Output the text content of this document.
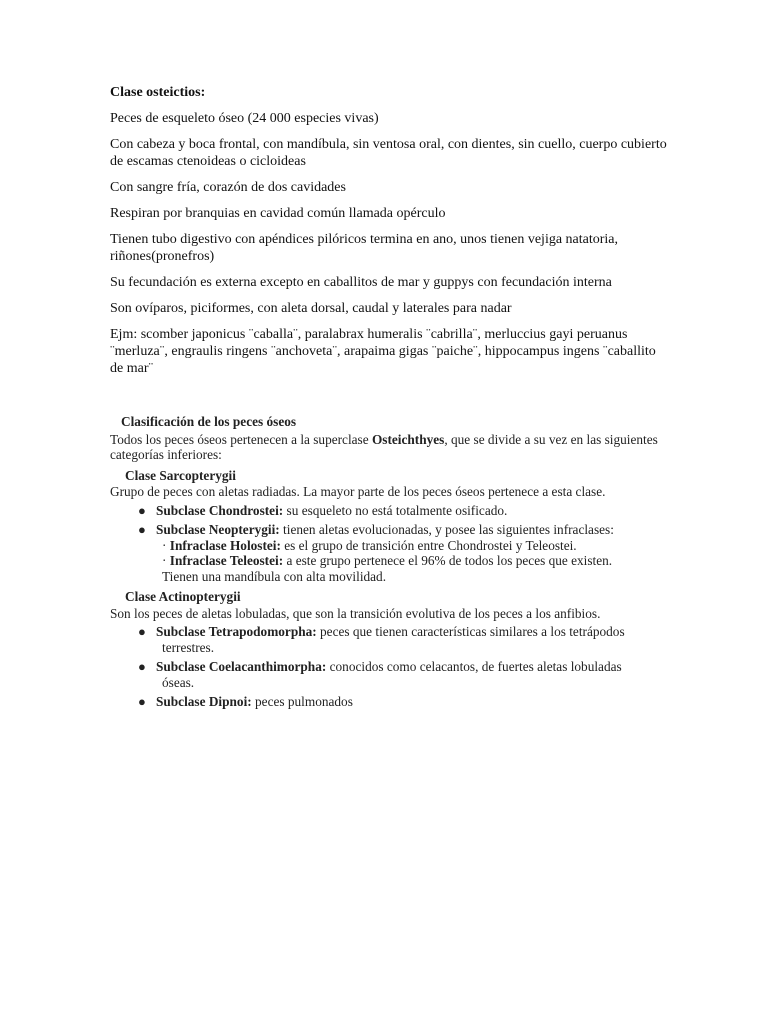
Clase osteictios:

Peces de esqueleto óseo (24 000 especies vivas)

Con cabeza y boca frontal, con mandíbula, sin ventosa oral, con dientes, sin cuello, cuerpo cubierto de escamas ctenoideas o cicloideas

Con sangre fría, corazón de dos cavidades

Respiran por branquias en cavidad común llamada opérculo

Tienen tubo digestivo con apéndices pilóricos termina en ano, unos tienen vejiga natatoria, riñones(pronefros)

Su fecundación es externa excepto en caballitos de mar y guppys con fecundación interna

Son ovíparos, piciformes, con aleta dorsal, caudal y laterales para nadar

Ejm: scomber japonicus ¨caballa¨, paralabrax humeralis ¨cabrilla¨, merluccius gayi peruanus ¨merluza¨, engraulis ringens ¨anchoveta¨, arapaima gigas ¨paiche¨, hippocampus ingens ¨caballito de mar¨

Clasificación de los peces óseos

Todos los peces óseos pertenecen a la superclase Osteichthyes, que se divide a su vez en las siguientes categorías inferiores:

Clase Sarcopterygii

Grupo de peces con aletas radiadas. La mayor parte de los peces óseos pertenece a esta clase.

● Subclase Chondrostei: su esqueleto no está totalmente osificado.
● Subclase Neopterygii: tienen aletas evolucionadas, y posee las siguientes infraclases:
· Infraclase Holostei: es el grupo de transición entre Chondrostei y Teleostei.
· Infraclase Teleostei: a este grupo pertenece el 96% de todos los peces que existen.
Tienen una mandíbula con alta movilidad.

Clase Actinopterygii

Son los peces de aletas lobuladas, que son la transición evolutiva de los peces a los anfibios.

● Subclase Tetrapodomorpha: peces que tienen características similares a los tetrápodos
terrestres.
● Subclase Coelacanthimorpha: conocidos como celacantos, de fuertes aletas lobuladas
óseas.
● Subclase Dipnoi: peces pulmonados
